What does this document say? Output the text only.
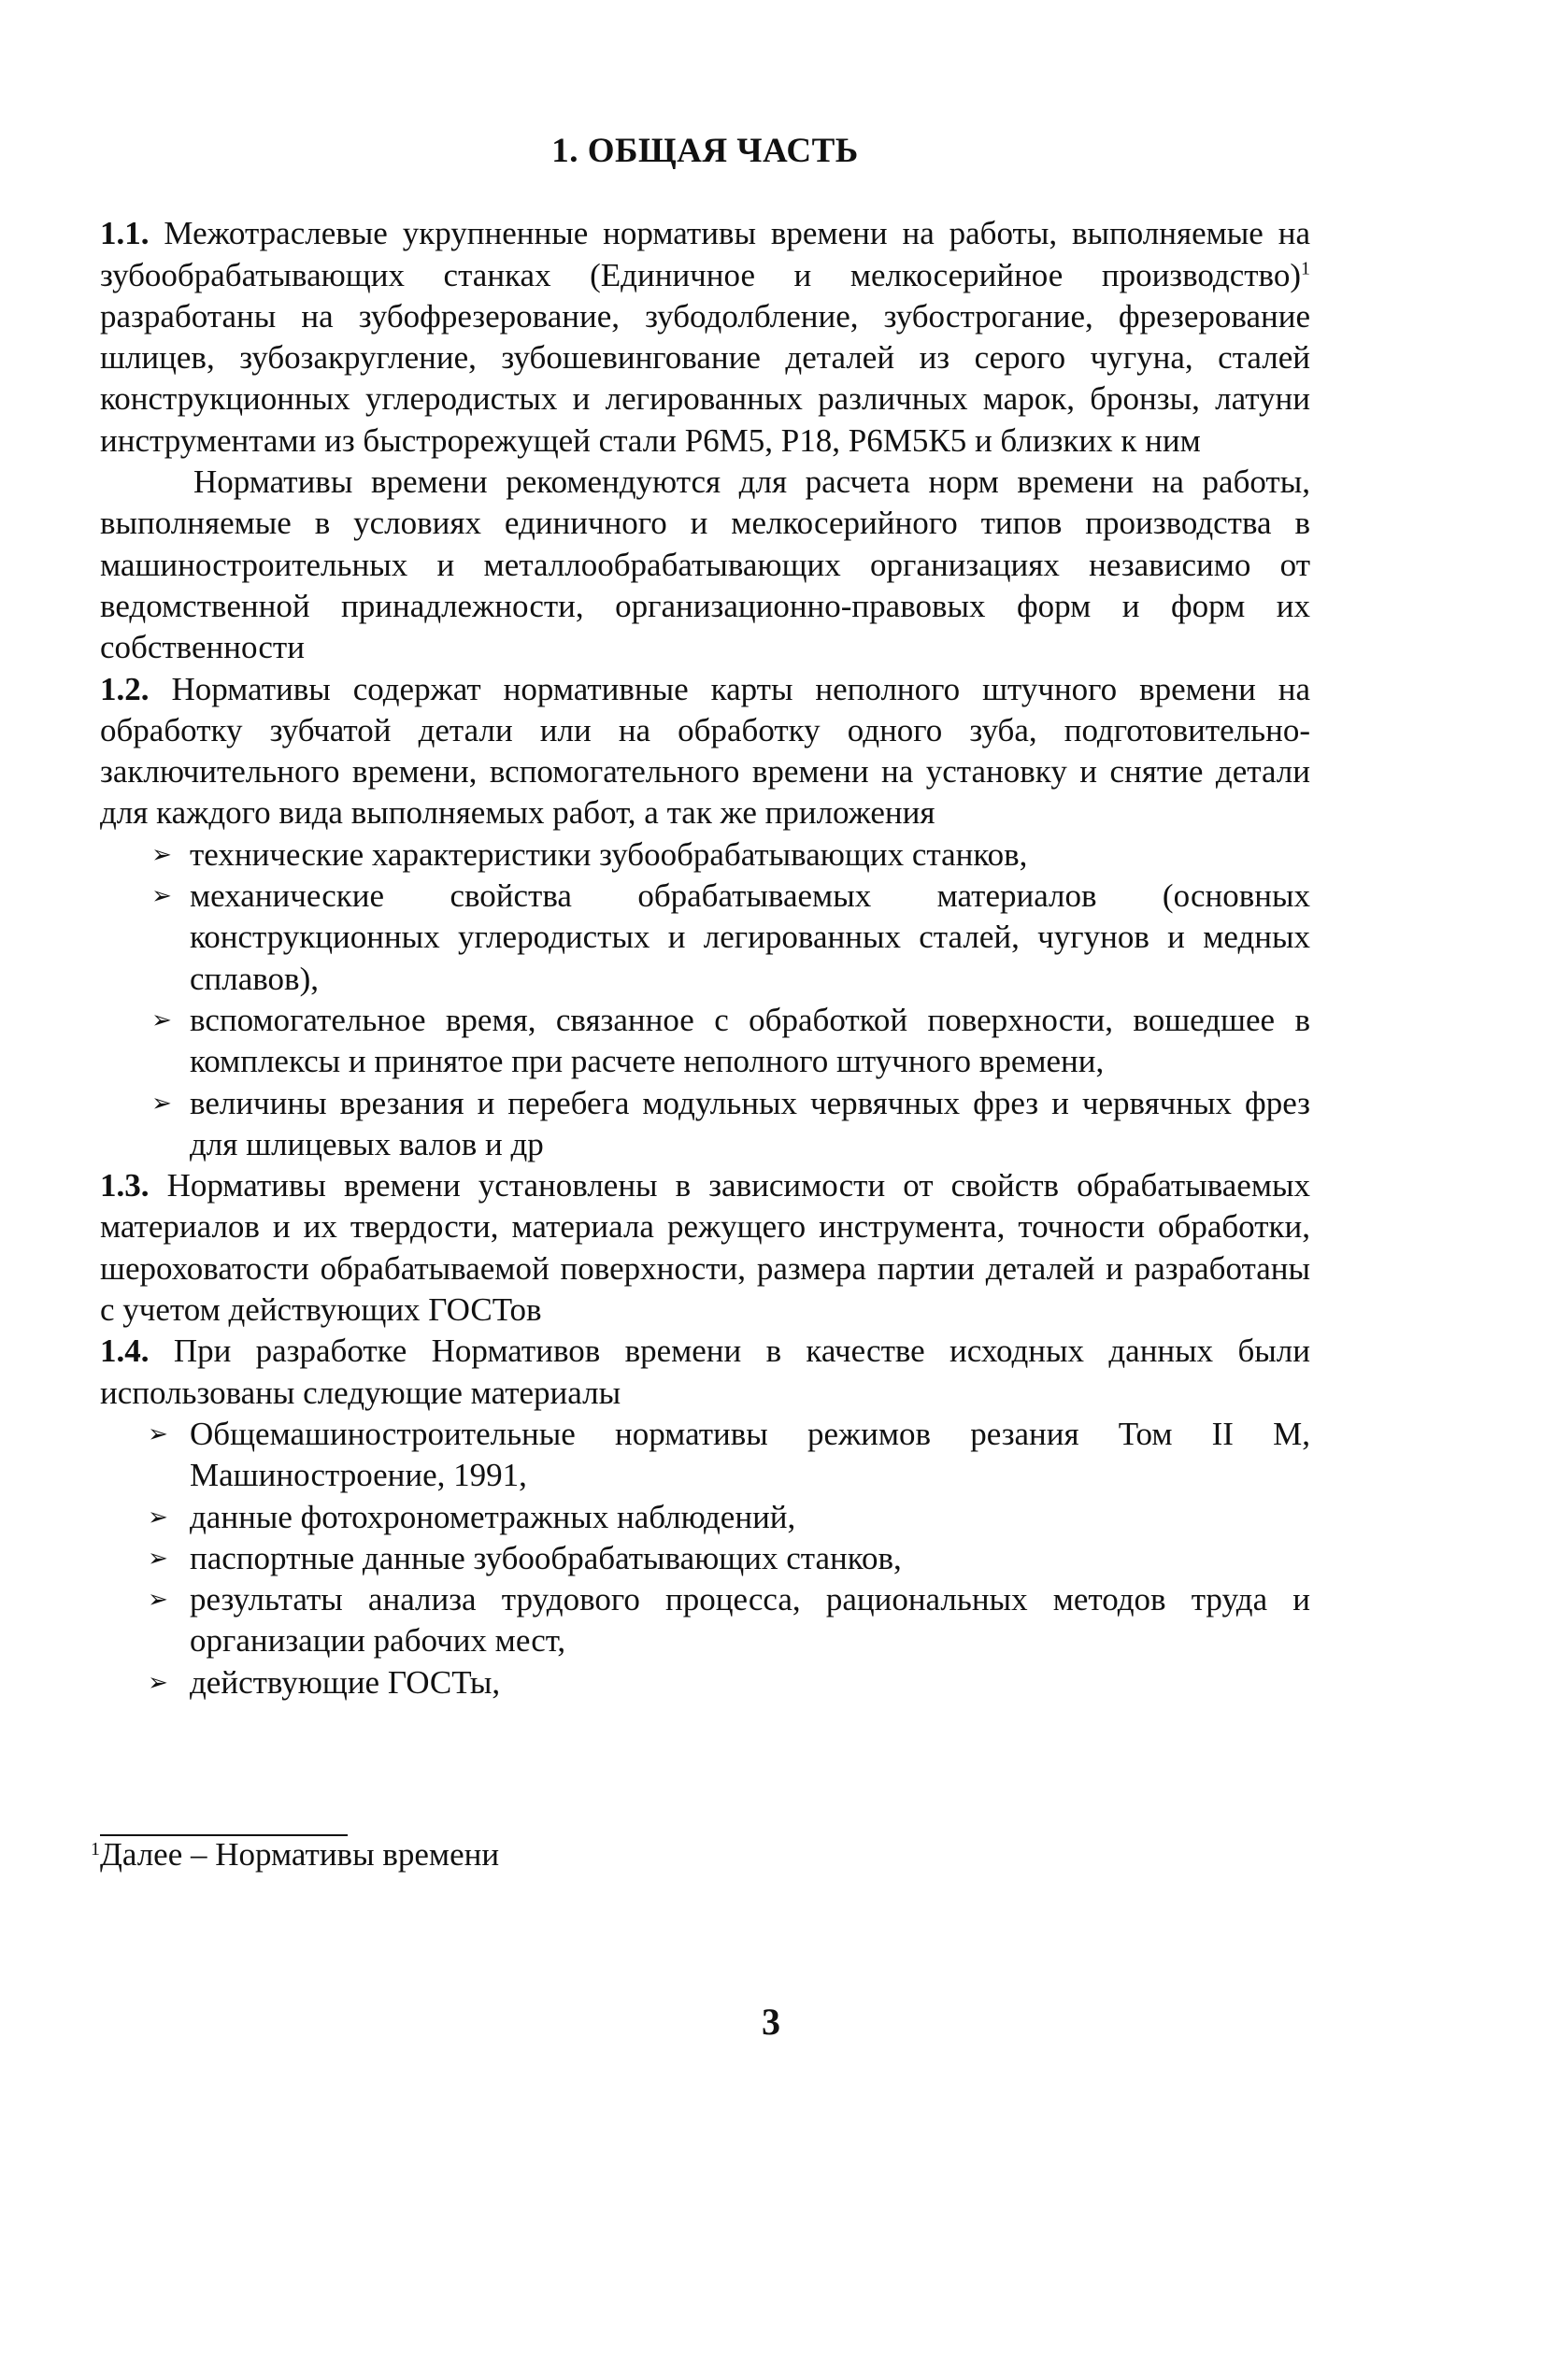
1. ОБЩАЯ ЧАСТЬ

1.1. Межотраслевые укрупненные нормативы времени на работы, выполняемые на зубообрабатывающих станках (Единичное и мелкосерийное производство)$^1$ разработаны на зубофрезерование, зубодолбление, зубострогание, фрезерование шлицев, зубозакругление, зубошевингование деталей из серого чугуна, сталей конструкционных углеродистых и легированных различных марок, бронзы, латуни инструментами из быстрорежущей стали Р6М5, Р18, Р6М5К5 и близких к ним

Нормативы времени рекомендуются для расчета норм времени на работы, выполняемые в условиях единичного и мелкосерийного типов производства в машиностроительных и металлообрабатывающих организациях независимо от ведомственной принадлежности, организационно-правовых форм и форм их собственности

1.2. Нормативы содержат нормативные карты неполного штучного времени на обработку зубчатой детали или на обработку одного зуба, подготовительно-заключительного времени, вспомогательного времени на установку и снятие детали для каждого вида выполняемых работ, а так же приложения

➢ технические характеристики зубообрабатывающих станков,
➢ механические свойства обрабатываемых материалов (основных конструкционных углеродистых и легированных сталей, чугунов и медных сплавов),
➢ вспомогательное время, связанное с обработкой поверхности, вошедшее в комплексы и принятое при расчете неполного штучного времени,
➢ величины врезания и перебега модульных червячных фрез и червячных фрез для шлицевых валов и др

1.3. Нормативы времени установлены в зависимости от свойств обрабатываемых материалов и их твердости, материала режущего инструмента, точности обработки, шероховатости обрабатываемой поверхности, размера партии деталей и разработаны с учетом действующих ГОСТов

1.4. При разработке Нормативов времени в качестве исходных данных были использованы следующие материалы

➢ Общемашиностроительные нормативы режимов резания Том II М, Машиностроение, 1991,
➢ данные фотохронометражных наблюдений,
➢ паспортные данные зубообрабатывающих станков,
➢ результаты анализа трудового процесса, рациональных методов труда и организации рабочих мест,
➢ действующие ГОСТы,
$^1$Далее – Нормативы времени
3
